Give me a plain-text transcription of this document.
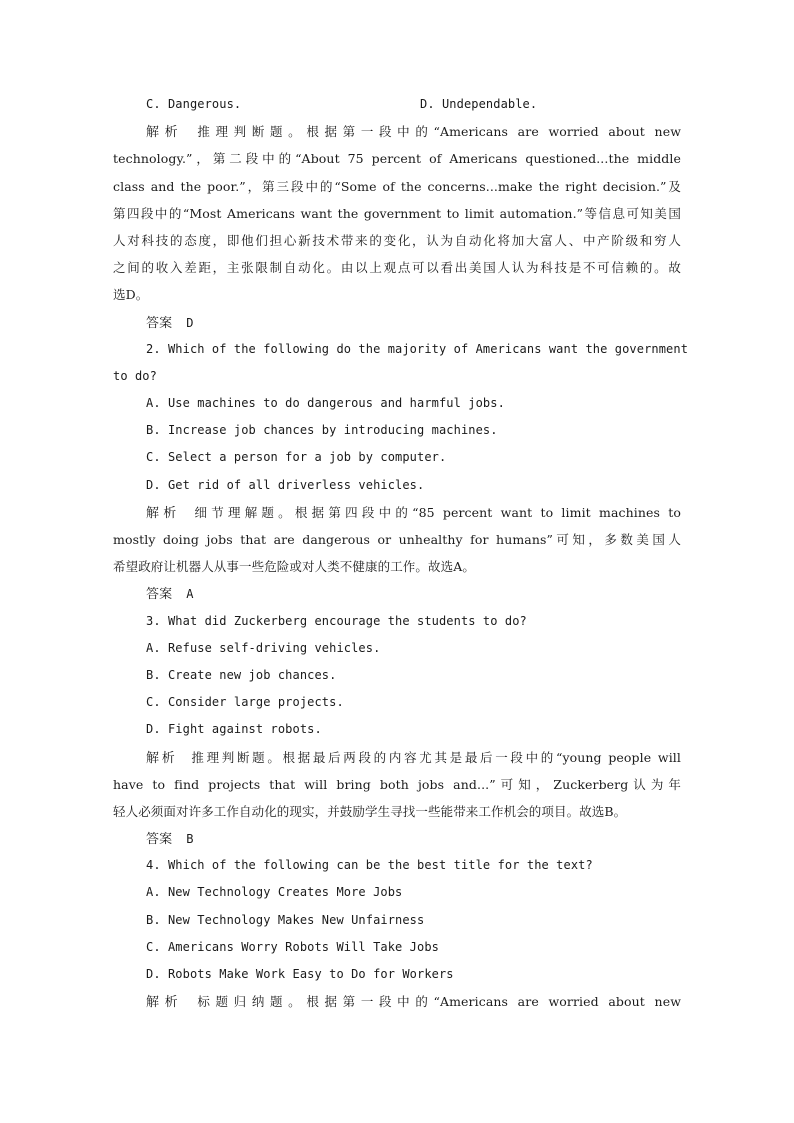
C. Dangerous.	D. Undependable.
解析 推理判断题。根据第一段中的“Americans are worried about new
technology.”，第二段中的“About 75 percent of Americans questioned...the middle
class and the poor.”，第三段中的“Some of the concerns...make the right decision.”及
第四段中的“Most Americans want the government to limit automation.”等信息可知美国
人对科技的态度，即他们担心新技术带来的变化，认为自动化将加大富人、中产阶级和穷人
之间的收入差距，主张限制自动化。由以上观点可以看出美国人认为科技是不可信赖的。故
选D。
答案 D
2. Which of the following do the majority of Americans want the government
to do?
A. Use machines to do dangerous and harmful jobs.
B. Increase job chances by introducing machines.
C. Select a person for a job by computer.
D. Get rid of all driverless vehicles.
解析 细节理解题。根据第四段中的“85 percent want to limit machines to
mostly doing jobs that are dangerous or unhealthy for humans”可知，多数美国人
希望政府让机器人从事一些危险或对人类不健康的工作。故选A。
答案 A
3. What did Zuckerberg encourage the students to do?
A. Refuse self-driving vehicles.
B. Create new job chances.
C. Consider large projects.
D. Fight against robots.
解析 推理判断题。根据最后两段的内容尤其是最后一段中的“young people will
have to find projects that will bring both jobs and...”可知，Zuckerberg认为年
轻人必须面对许多工作自动化的现实，并鼓励学生寻找一些能带来工作机会的项目。故选B。
答案 B
4. Which of the following can be the best title for the text?
A. New Technology Creates More Jobs
B. New Technology Makes New Unfairness
C. Americans Worry Robots Will Take Jobs
D. Robots Make Work Easy to Do for Workers
解析 标题归纳题。根据第一段中的“Americans are worried about new
